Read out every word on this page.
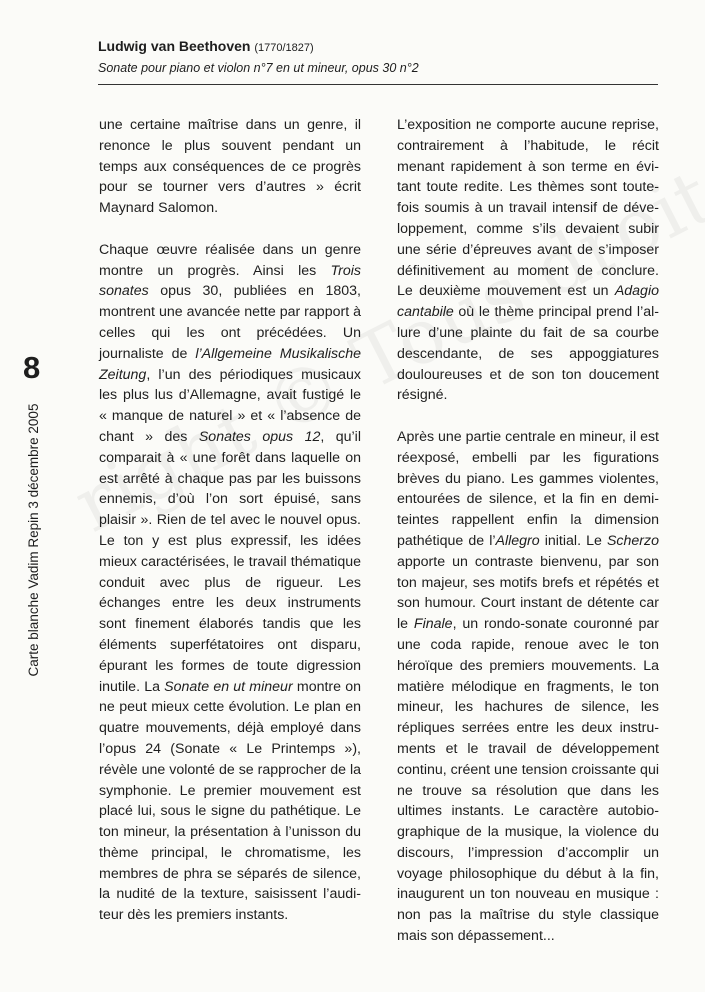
Ludwig van Beethoven (1770/1827)
Sonate pour piano et violon n°7 en ut mineur, opus 30 n°2
8
Carte blanche Vadim Repin 3 décembre 2005

une certaine maîtrise dans un genre, il renonce le plus souvent pendant un temps aux conséquences de ce progrès pour se tourner vers d’autres » écrit Maynard Salomon.

Chaque œuvre réalisée dans un genre montre un progrès. Ainsi les Trois sonates opus 30, publiées en 1803, montrent une avancée nette par rapport à celles qui les ont précédées. Un journaliste de l’Allgemeine Musikalische Zeitung, l’un des périodiques musicaux les plus lus d’Allemagne, avait fustigé le « manque de naturel » et « l’absence de chant » des Sonates opus 12, qu’il comparait à « une forêt dans laquelle on est arrêté à chaque pas par les buissons ennemis, d’où l’on sort épuisé, sans plaisir ». Rien de tel avec le nouvel opus. Le ton y est plus expressif, les idées mieux caractérisées, le travail thématique conduit avec plus de rigueur. Les échanges entre les deux instruments sont finement élaborés tandis que les éléments superfétatoires ont disparu, épurant les formes de toute digression inutile. La Sonate en ut mineur montre on ne peut mieux cette évolution. Le plan en quatre mouvements, déjà employé dans l’opus 24 (Sonate « Le Printemps »), révèle une volonté de se rapprocher de la symphonie. Le premier mouvement est placé lui, sous le signe du pathétique. Le ton mineur, la présentation à l’unisson du thème principal, le chromatisme, les membres de phra se séparés de silence, la nudité de la texture, saisissent l’auditeur dès les premiers instants.

L’exposition ne comporte aucune reprise, contrairement à l’habitude, le récit menant rapidement à son terme en évitant toute redite. Les thèmes sont toutefois soumis à un travail intensif de développement, comme s’ils devaient subir une série d’épreuves avant de s’imposer définitivement au moment de conclure. Le deuxième mouvement est un Adagio cantabile où le thème principal prend l’allure d’une plainte du fait de sa courbe descendante, de ses appoggiatures douloureuses et de son ton doucement résigné.

Après une partie centrale en mineur, il est réexposé, embelli par les figurations brèves du piano. Les gammes violentes, entourées de silence, et la fin en demiteintes rappellent enfin la dimension pathétique de l’Allegro initial. Le Scherzo apporte un contraste bienvenu, par son ton majeur, ses motifs brefs et répétés et son humour. Court instant de détente car le Finale, un rondo-sonate couronné par une coda rapide, renoue avec le ton héroïque des premiers mouvements. La matière mélodique en fragments, le ton mineur, les hachures de silence, les répliques serrées entre les deux instruments et le travail de développement continu, créent une tension croissante qui ne trouve sa résolution que dans les ultimes instants. Le caractère autobiographique de la musique, la violence du discours, l’impression d’accomplir un voyage philosophique du début à la fin, inaugurent un ton nouveau en musique : non pas la maîtrise du style classique mais son dépassement...
